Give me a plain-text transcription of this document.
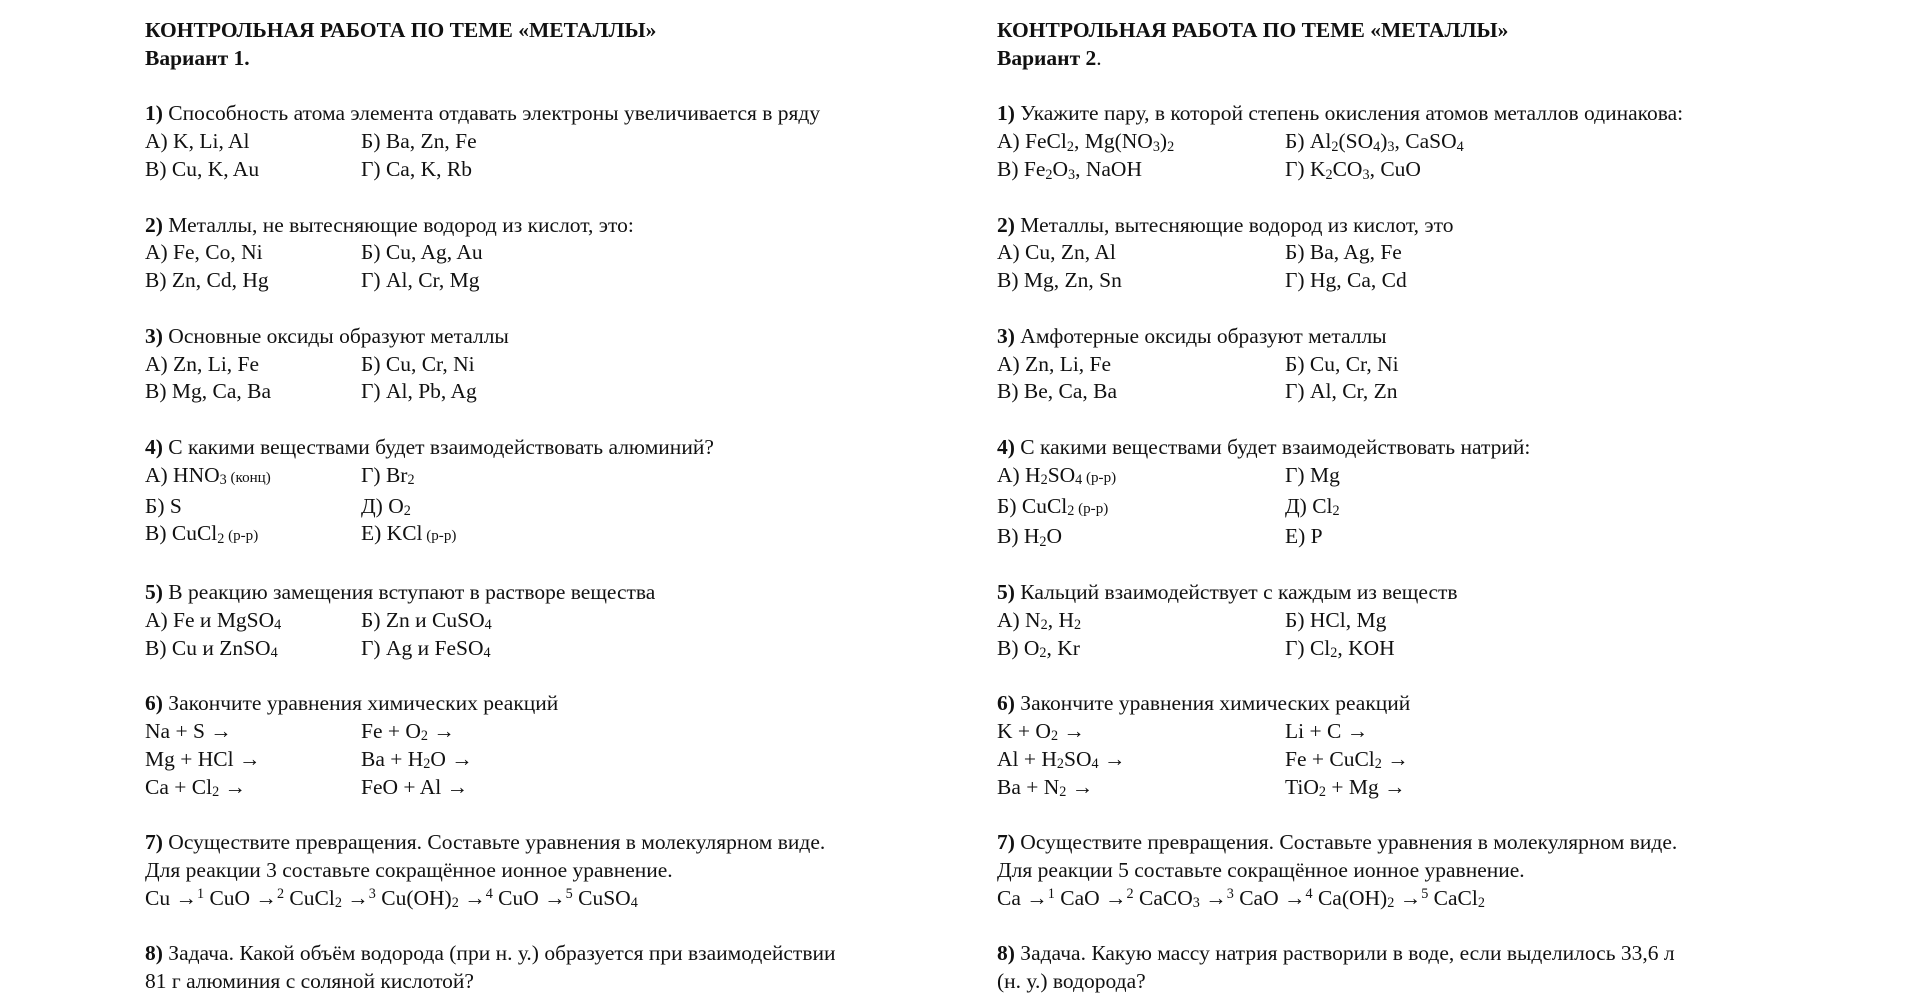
КОНТРОЛЬНАЯ РАБОТА ПО ТЕМЕ «МЕТАЛЛЫ»
Вариант 1.
1) Способность атома элемента отдавать электроны увеличивается в ряду
А) K, Li, Al	Б) Ba, Zn, Fe
В) Cu, K, Au	Г) Ca, K, Rb
2) Металлы, не вытесняющие водород из кислот, это:
А) Fe, Co, Ni	Б) Cu, Ag, Au
В) Zn, Cd, Hg	Г) Al, Cr, Mg
3) Основные оксиды образуют металлы
А) Zn, Li, Fe	Б) Cu, Cr, Ni
В) Mg, Ca, Ba	Г) Al, Pb, Ag
4) С какими веществами будет взаимодействовать алюминий?
А) $HNO_3$ (конц)	Г) $Br_2$
Б) S	Д) $O_2$
В) CuCl$_2$ (р-р)	Е) KCl (р-р)
5) В реакцию замещения вступают в растворе вещества
А) Fe и MgSO$_4$	Б) Zn и CuSO$_4$
В) Cu и ZnSO$_4$	Г) Ag и FeSO$_4$
6) Закончите уравнения химических реакций
Na + S →	$Fe + O_2$ →
Mg + HCl →	$Ba + H_2O$ →
$Ca + Cl_2$ →	FeO + Al →
7) Осуществите превращения. Составьте уравнения в молекулярном виде.
Для реакции 3 составьте сокращённое ионное уравнение.
Cu →$^1$ CuO →$^2$ CuCl$_2$ →$^3$ $Cu(OH)_2 \to^4$ CuO →$^5$ CuSO$_4$
8) Задача. Какой объём водорода (при н. у.) образуется при взаимодействии
81 г алюминия с соляной кислотой?
КОНТРОЛЬНАЯ РАБОТА ПО ТЕМЕ «МЕТАЛЛЫ»
Вариант 2.
1) Укажите пару, в которой степень окисления атомов металлов одинакова:
А) FeCl$_2$, $Mg(NO_3)_2$	Б) $Al_2(SO_4)_3$, CaSO$_4$
В) $Fe_2O_3$, NaOH	Г) $K_2CO_3$, CuO
2) Металлы, вытесняющие водород из кислот, это
А) Cu, Zn, Al	Б) Ba, Ag, Fe
В) Mg, Zn, Sn	Г) Hg, Ca, Cd
3) Амфотерные оксиды образуют металлы
А) Zn, Li, Fe	Б) Cu, Cr, Ni
В) Be, Ca, Ba	Г) Al, Cr, Zn
4) С какими веществами будет взаимодействовать натрий:
А) $H_2SO_4$ (р-р)	Г) Mg
Б) CuCl$_2$ (р-р)	Д) $Cl_2$
В) $H_2O$	Е) P
5) Кальций взаимодействует с каждым из веществ
А) $N_2$, $H_2$	Б) HCl, Mg
В) $O_2$, Kr	Г) $Cl_2$, KOH
6) Закончите уравнения химических реакций
$K + O_2$ →	Li + C →
$Al + H_2SO_4$ →	Fe + CuCl$_2$ →
$Ba + N_2$ →	TiO$_2$ + Mg →
7) Осуществите превращения. Составьте уравнения в молекулярном виде.
Для реакции 5 составьте сокращённое ионное уравнение.
Ca →$^1$ CaO →$^2$ CaCO$_3$ →$^3$ CaO →$^4$ $Ca(OH)_2 \to^5$ CaCl$_2$
8) Задача. Какую массу натрия растворили в воде, если выделилось 33,6 л
(н. у.) водорода?
